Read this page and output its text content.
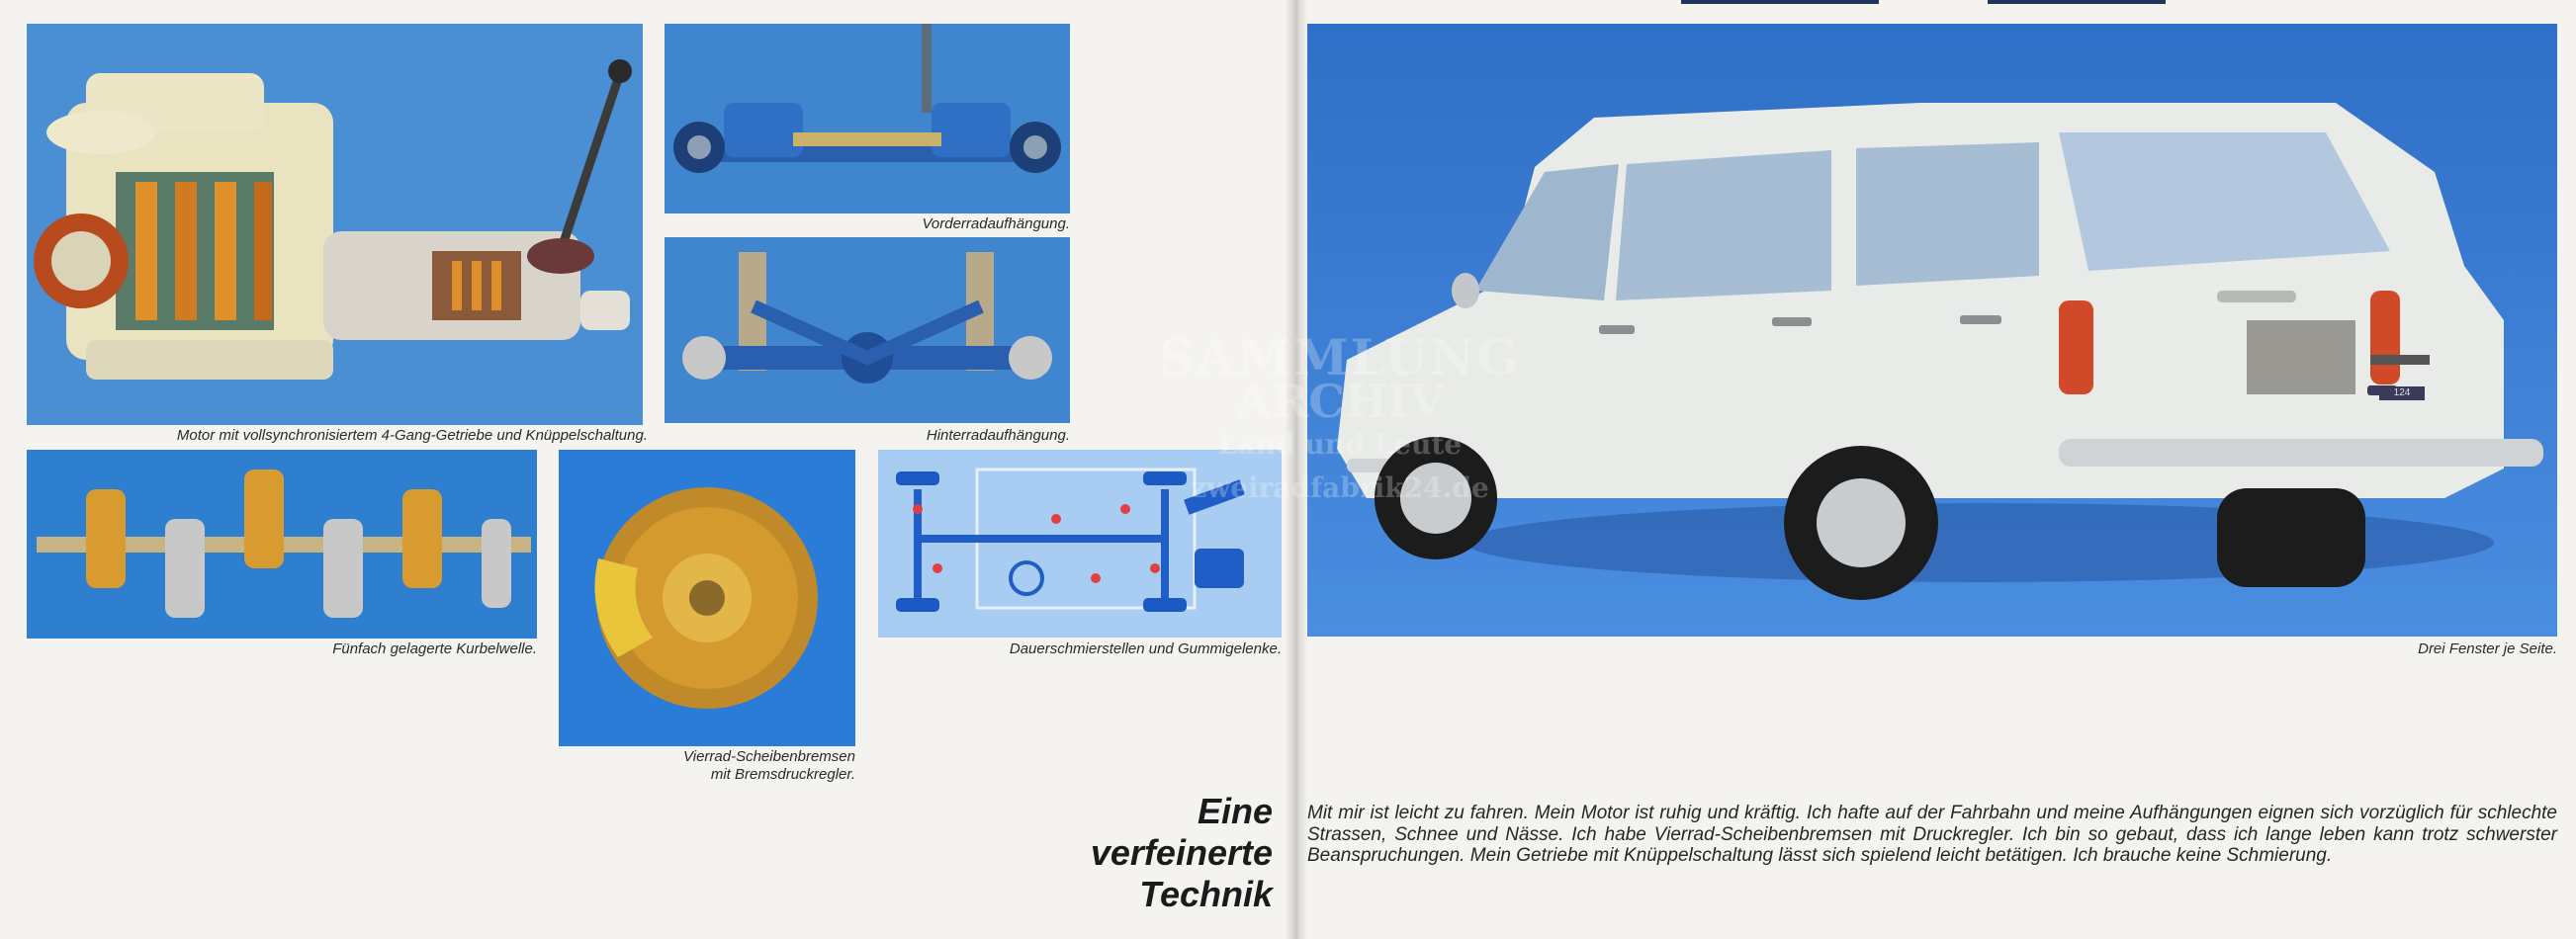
Motor mit vollsynchronisiertem 4-Gang-Getriebe und Knüppelschaltung.
Vorderradaufhängung.
Hinterradaufhängung.
Fünfach gelagerte Kurbelwelle.
Vierrad-Scheibenbremsen
mit Bremsdruckregler.
Dauerschmierstellen und Gummigelenke.
Eine
verfeinerte
Technik
124
Drei Fenster je Seite.
Mit mir ist leicht zu fahren. Mein Motor ist ruhig und kräftig. Ich hafte auf der Fahrbahn und meine Aufhängungen eignen sich vorzüglich für schlechte Strassen, Schnee und Nässe. Ich habe Vierrad-Scheibenbremsen mit Druckregler. Ich bin so gebaut, dass ich lange leben kann trotz schwerster Beanspruchungen. Mein Getriebe mit Knüppelschaltung lässt sich spielend leicht betätigen. Ich brauche keine Schmierung.
SAMMLUNG
ARCHIV
Land und Leute
zweiradfabrik24.de
